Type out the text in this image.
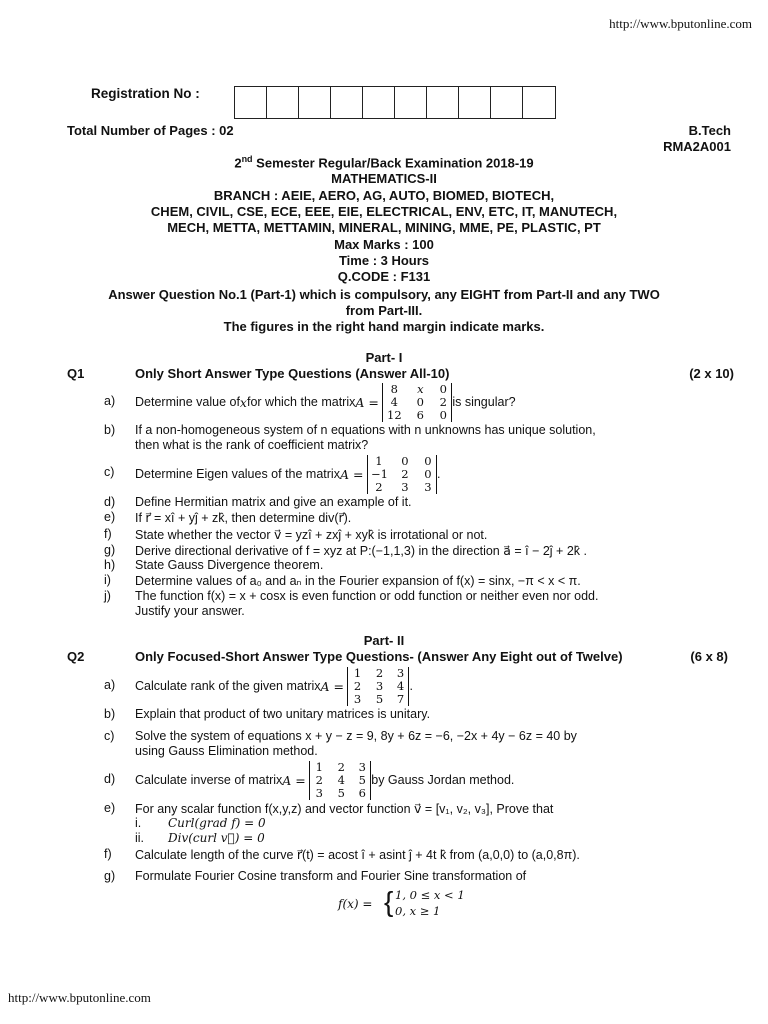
http://www.bputonline.com
Registration No :
Total Number of Pages : 02	B.Tech
RMA2A001
2nd Semester Regular/Back Examination 2018-19
MATHEMATICS-II
BRANCH : AEIE, AERO, AG, AUTO, BIOMED, BIOTECH,
CHEM, CIVIL, CSE, ECE, EEE, EIE, ELECTRICAL, ENV, ETC, IT, MANUTECH,
MECH, METTA, METTAMIN, MINERAL, MINING, MME, PE, PLASTIC, PT
Max Marks : 100
Time : 3 Hours
Q.CODE : F131
Answer Question No.1 (Part-1) which is compulsory, any EIGHT from Part-II and any TWO
from Part-III.
The figures in the right hand margin indicate marks.
Part- I
Q1	Only Short Answer Type Questions (Answer All-10)	(2 x 10)
a) Determine value of x for which the matrix A =

8	x	0
4	0	2
12	6	0
is singular?
b) If a non-homogeneous system of n equations with n unknowns has unique solution,
then what is the rank of coefficient matrix?
c) Determine Eigen values of the matrix A =

1	0	0
−1	2	0
2	3	3
.
d) Define Hermitian matrix and give an example of it.
e) If r⃗ = xî + yĵ + zk̂, then determine div(r⃗).
f) State whether the vector v⃗ = yzî + zxĵ + xyk̂ is irrotational or not.
g) Derive directional derivative of f = xyz at P:(−1,1,3) in the direction a⃗ = î − 2ĵ + 2k̂ .
h) State Gauss Divergence theorem.
i) Determine values of a₀ and aₙ in the Fourier expansion of f(x) = sinx, −π < x < π.
j) The function f(x) = x + cosx is even function or odd function or neither even nor odd.
Justify your answer.
Part- II
Q2	Only Focused-Short Answer Type Questions- (Answer Any Eight out of Twelve)	(6 x 8)
a) Calculate rank of the given matrix A =

1 2 3
2 3 4
3 5 7
.
b) Explain that product of two unitary matrices is unitary.
c) Solve the system of equations x + y − z = 9, 8y + 6z = −6, −2x + 4y − 6z = 40 by
using Gauss Elimination method.
d) Calculate inverse of matrix A =

1 2 3
2 4 5
3 5 6
by Gauss Jordan method.
e) For any scalar function f(x,y,z) and vector function v⃗ = [v₁, v₂, v₃], Prove that
i. Curl(grad f) = 0
ii. Div(curl v⃗) = 0
f) Calculate length of the curve r⃗(t) = acost î + asint ĵ + 4t k̂ from (a,0,0) to (a,0,8π).
g) Formulate Fourier Cosine transform and Fourier Sine transformation of
f(x) = { 1, 0 ≤ x < 1
0, x ≥ 1
http://www.bputonline.com
